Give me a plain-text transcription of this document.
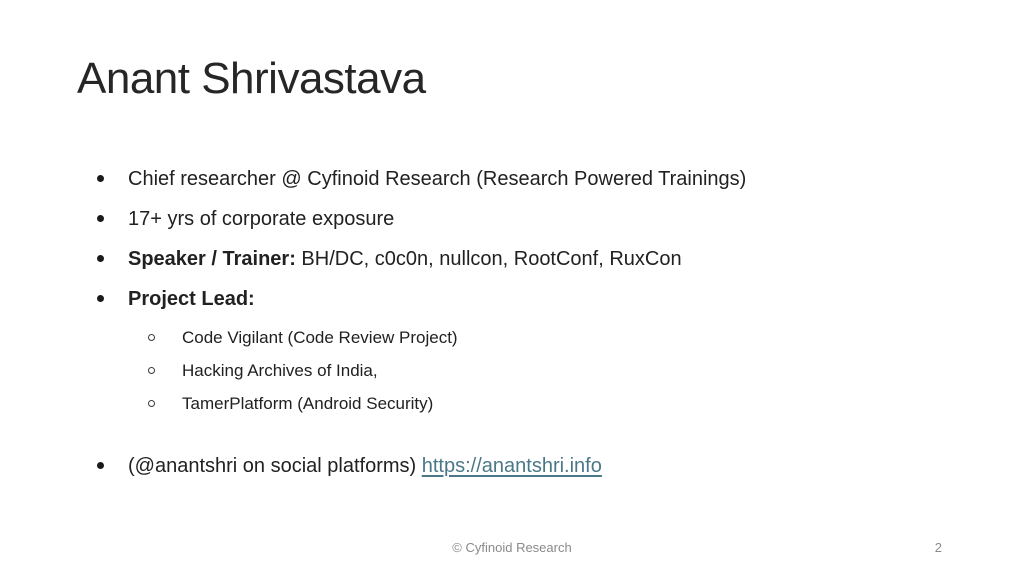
Anant Shrivastava
Chief researcher @ Cyfinoid Research (Research Powered Trainings)
17+ yrs of corporate exposure
Speaker / Trainer: BH/DC, c0c0n, nullcon, RootConf, RuxCon
Project Lead:
Code Vigilant (Code Review Project)
Hacking Archives of India,
TamerPlatform (Android Security)
(@anantshri on social platforms) https://anantshri.info
© Cyfinoid Research	2
